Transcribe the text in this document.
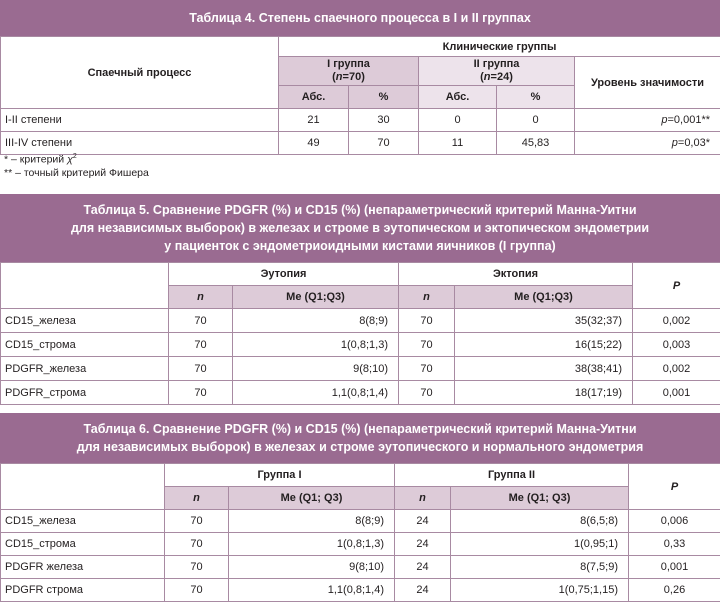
Таблица 4. Степень спаечного процесса в I и II группах
Спаечный процесс	Клинические группы				
	I группа
(n=70)		II группа
(n=24)		Уровень значимости
	Абс.	%	Абс.	%	
I-II степени	21	30	0	0	p=0,001**
III-IV степени	49	70	11	45,83	p=0,03*
* – критерий $\chi^2$
** – точный критерий Фишера
Таблица 5. Сравнение PDGFR (%) и CD15 (%) (непараметрический критерий Манна-Уитни
для независимых выборок) в железах и строме в эутопическом и эктопическом эндометрии
у пациенток с эндометриоидными кистами яичников (I группа)
	Эутопия		Эктопия		P
	n	Me (Q1;Q3)	n	Me (Q1;Q3)	
CD15_железа	70	8(8;9)	70	35(32;37)	0,002
CD15_строма	70	1(0,8;1,3)	70	16(15;22)	0,003
PDGFR_железа	70	9(8;10)	70	38(38;41)	0,002
PDGFR_строма	70	1,1(0,8;1,4)	70	18(17;19)	0,001
Таблица 6. Сравнение PDGFR (%) и CD15 (%) (непараметрический критерий Манна-Уитни
для независимых выборок) в железах и строме эутопического и нормального эндометрия
	Группа I		Группа II		P
	n	Me (Q1; Q3)	n	Me (Q1; Q3)	
CD15_железа	70	8(8;9)	24	8(6,5;8)	0,006
CD15_строма	70	1(0,8;1,3)	24	1(0,95;1)	0,33
PDGFR железа	70	9(8;10)	24	8(7,5;9)	0,001
PDGFR строма	70	1,1(0,8;1,4)	24	1(0,75;1,15)	0,26
